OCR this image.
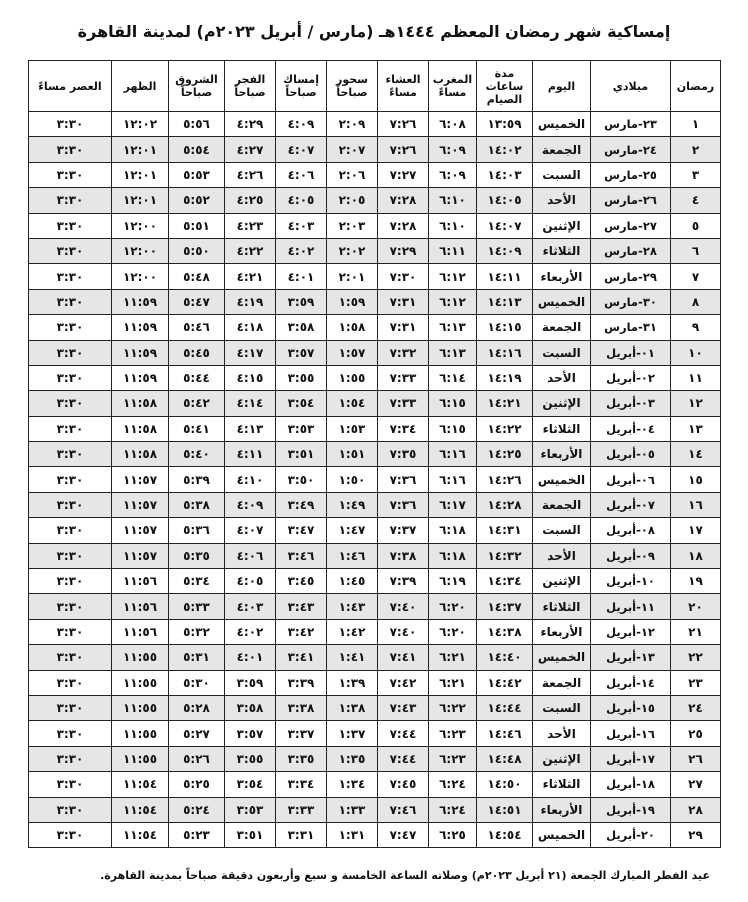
إمساكية شهر رمضان المعظم ١٤٤٤هـ (مارس / أبريل ٢٠٢٣م) لمدينة القاهرة
رمضان	ميلادي	اليوم	مدة ساعات الصيام	المغرب مساءً	العشاء مساءً	سحور صباحاً	إمساك صباحاً	الفجر صباحاً	الشروق صباحاً	الظهر	العصر مساءً
١	٢٣-مارس	الخميس	١٣:٥٩	٦:٠٨	٧:٢٦	٢:٠٩	٤:٠٩	٤:٢٩	٥:٥٦	١٢:٠٢	٣:٣٠
٢	٢٤-مارس	الجمعة	١٤:٠٢	٦:٠٩	٧:٢٦	٢:٠٧	٤:٠٧	٤:٢٧	٥:٥٤	١٢:٠١	٣:٣٠
٣	٢٥-مارس	السبت	١٤:٠٣	٦:٠٩	٧:٢٧	٢:٠٦	٤:٠٦	٤:٢٦	٥:٥٣	١٢:٠١	٣:٣٠
٤	٢٦-مارس	الأحد	١٤:٠٥	٦:١٠	٧:٢٨	٢:٠٥	٤:٠٥	٤:٢٥	٥:٥٢	١٢:٠١	٣:٣٠
٥	٢٧-مارس	الإثنين	١٤:٠٧	٦:١٠	٧:٢٨	٢:٠٣	٤:٠٣	٤:٢٣	٥:٥١	١٢:٠٠	٣:٣٠
٦	٢٨-مارس	الثلاثاء	١٤:٠٩	٦:١١	٧:٢٩	٢:٠٢	٤:٠٢	٤:٢٢	٥:٥٠	١٢:٠٠	٣:٣٠
٧	٢٩-مارس	الأربعاء	١٤:١١	٦:١٢	٧:٣٠	٢:٠١	٤:٠١	٤:٢١	٥:٤٨	١٢:٠٠	٣:٣٠
٨	٣٠-مارس	الخميس	١٤:١٣	٦:١٢	٧:٣١	١:٥٩	٣:٥٩	٤:١٩	٥:٤٧	١١:٥٩	٣:٣٠
٩	٣١-مارس	الجمعة	١٤:١٥	٦:١٣	٧:٣١	١:٥٨	٣:٥٨	٤:١٨	٥:٤٦	١١:٥٩	٣:٣٠
١٠	٠١-أبريل	السبت	١٤:١٦	٦:١٣	٧:٣٢	١:٥٧	٣:٥٧	٤:١٧	٥:٤٥	١١:٥٩	٣:٣٠
١١	٠٢-أبريل	الأحد	١٤:١٩	٦:١٤	٧:٣٣	١:٥٥	٣:٥٥	٤:١٥	٥:٤٤	١١:٥٩	٣:٣٠
١٢	٠٣-أبريل	الإثنين	١٤:٢١	٦:١٥	٧:٣٣	١:٥٤	٣:٥٤	٤:١٤	٥:٤٢	١١:٥٨	٣:٣٠
١٣	٠٤-أبريل	الثلاثاء	١٤:٢٢	٦:١٥	٧:٣٤	١:٥٣	٣:٥٣	٤:١٣	٥:٤١	١١:٥٨	٣:٣٠
١٤	٠٥-أبريل	الأربعاء	١٤:٢٥	٦:١٦	٧:٣٥	١:٥١	٣:٥١	٤:١١	٥:٤٠	١١:٥٨	٣:٣٠
١٥	٠٦-أبريل	الخميس	١٤:٢٦	٦:١٦	٧:٣٦	١:٥٠	٣:٥٠	٤:١٠	٥:٣٩	١١:٥٧	٣:٣٠
١٦	٠٧-أبريل	الجمعة	١٤:٢٨	٦:١٧	٧:٣٦	١:٤٩	٣:٤٩	٤:٠٩	٥:٣٨	١١:٥٧	٣:٣٠
١٧	٠٨-أبريل	السبت	١٤:٣١	٦:١٨	٧:٣٧	١:٤٧	٣:٤٧	٤:٠٧	٥:٣٦	١١:٥٧	٣:٣٠
١٨	٠٩-أبريل	الأحد	١٤:٣٢	٦:١٨	٧:٣٨	١:٤٦	٣:٤٦	٤:٠٦	٥:٣٥	١١:٥٧	٣:٣٠
١٩	١٠-أبريل	الإثنين	١٤:٣٤	٦:١٩	٧:٣٩	١:٤٥	٣:٤٥	٤:٠٥	٥:٣٤	١١:٥٦	٣:٣٠
٢٠	١١-أبريل	الثلاثاء	١٤:٣٧	٦:٢٠	٧:٤٠	١:٤٣	٣:٤٣	٤:٠٣	٥:٣٣	١١:٥٦	٣:٣٠
٢١	١٢-أبريل	الأربعاء	١٤:٣٨	٦:٢٠	٧:٤٠	١:٤٢	٣:٤٢	٤:٠٢	٥:٣٢	١١:٥٦	٣:٣٠
٢٢	١٣-أبريل	الخميس	١٤:٤٠	٦:٢١	٧:٤١	١:٤١	٣:٤١	٤:٠١	٥:٣١	١١:٥٥	٣:٣٠
٢٣	١٤-أبريل	الجمعة	١٤:٤٢	٦:٢١	٧:٤٢	١:٣٩	٣:٣٩	٣:٥٩	٥:٣٠	١١:٥٥	٣:٣٠
٢٤	١٥-أبريل	السبت	١٤:٤٤	٦:٢٢	٧:٤٣	١:٣٨	٣:٣٨	٣:٥٨	٥:٢٨	١١:٥٥	٣:٣٠
٢٥	١٦-أبريل	الأحد	١٤:٤٦	٦:٢٣	٧:٤٤	١:٣٧	٣:٣٧	٣:٥٧	٥:٢٧	١١:٥٥	٣:٣٠
٢٦	١٧-أبريل	الإثنين	١٤:٤٨	٦:٢٣	٧:٤٤	١:٣٥	٣:٣٥	٣:٥٥	٥:٢٦	١١:٥٥	٣:٣٠
٢٧	١٨-أبريل	الثلاثاء	١٤:٥٠	٦:٢٤	٧:٤٥	١:٣٤	٣:٣٤	٣:٥٤	٥:٢٥	١١:٥٤	٣:٣٠
٢٨	١٩-أبريل	الأربعاء	١٤:٥١	٦:٢٤	٧:٤٦	١:٣٣	٣:٣٣	٣:٥٣	٥:٢٤	١١:٥٤	٣:٣٠
٢٩	٢٠-أبريل	الخميس	١٤:٥٤	٦:٢٥	٧:٤٧	١:٣١	٣:٣١	٣:٥١	٥:٢٣	١١:٥٤	٣:٣٠
عيد الفطر المبارك الجمعة (٢١ أبريل ٢٠٢٣م) وصلاته الساعة الخامسة و سبع وأربعون دقيقة صباحاً بمدينة القاهرة.
